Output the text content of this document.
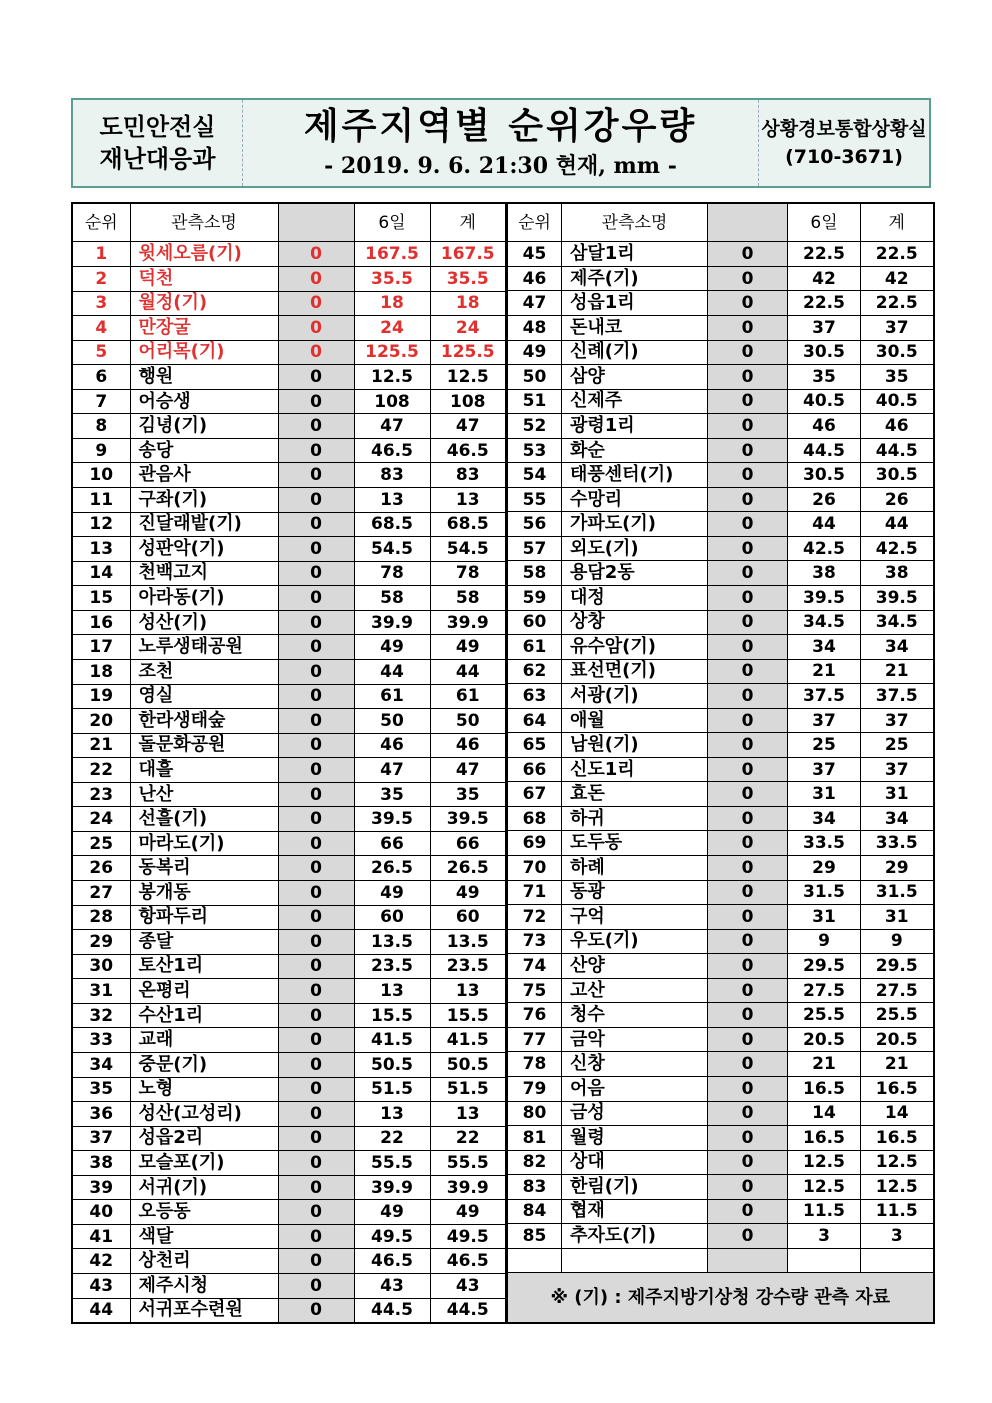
도민안전실
재난대응과
제주지역별 순위강우량
- 2019. 9. 6. 21:30 현재, mm -
상황경보통합상황실
(710-3671)
순위	관측소명		6일	계
1	윗세오름(기)	0	167.5	167.5
2	덕천	0	35.5	35.5
3	월정(기)	0	18	18
4	만장굴	0	24	24
5	어리목(기)	0	125.5	125.5
6	행원	0	12.5	12.5
7	어승생	0	108	108
8	김녕(기)	0	47	47
9	송당	0	46.5	46.5
10	관음사	0	83	83
11	구좌(기)	0	13	13
12	진달래밭(기)	0	68.5	68.5
13	성판악(기)	0	54.5	54.5
14	천백고지	0	78	78
15	아라동(기)	0	58	58
16	성산(기)	0	39.9	39.9
17	노루생태공원	0	49	49
18	조천	0	44	44
19	영실	0	61	61
20	한라생태숲	0	50	50
21	돌문화공원	0	46	46
22	대흘	0	47	47
23	난산	0	35	35
24	선흘(기)	0	39.5	39.5
25	마라도(기)	0	66	66
26	동복리	0	26.5	26.5
27	봉개동	0	49	49
28	항파두리	0	60	60
29	종달	0	13.5	13.5
30	토산1리	0	23.5	23.5
31	온평리	0	13	13
32	수산1리	0	15.5	15.5
33	교래	0	41.5	41.5
34	중문(기)	0	50.5	50.5
35	노형	0	51.5	51.5
36	성산(고성리)	0	13	13
37	성읍2리	0	22	22
38	모슬포(기)	0	55.5	55.5
39	서귀(기)	0	39.9	39.9
40	오등동	0	49	49
41	색달	0	49.5	49.5
42	상천리	0	46.5	46.5
43	제주시청	0	43	43
44	서귀포수련원	0	44.5	44.5
순위	관측소명		6일	계
45	삼달1리	0	22.5	22.5
46	제주(기)	0	42	42
47	성읍1리	0	22.5	22.5
48	돈내코	0	37	37
49	신례(기)	0	30.5	30.5
50	삼양	0	35	35
51	신제주	0	40.5	40.5
52	광령1리	0	46	46
53	화순	0	44.5	44.5
54	태풍센터(기)	0	30.5	30.5
55	수망리	0	26	26
56	가파도(기)	0	44	44
57	외도(기)	0	42.5	42.5
58	용담2동	0	38	38
59	대정	0	39.5	39.5
60	상창	0	34.5	34.5
61	유수암(기)	0	34	34
62	표선면(기)	0	21	21
63	서광(기)	0	37.5	37.5
64	애월	0	37	37
65	남원(기)	0	25	25
66	신도1리	0	37	37
67	효돈	0	31	31
68	하귀	0	34	34
69	도두동	0	33.5	33.5
70	하례	0	29	29
71	동광	0	31.5	31.5
72	구억	0	31	31
73	우도(기)	0	9	9
74	산양	0	29.5	29.5
75	고산	0	27.5	27.5
76	청수	0	25.5	25.5
77	금악	0	20.5	20.5
78	신창	0	21	21
79	어음	0	16.5	16.5
80	금성	0	14	14
81	월령	0	16.5	16.5
82	상대	0	12.5	12.5
83	한림(기)	0	12.5	12.5
84	협재	0	11.5	11.5
85	추자도(기)	0	3	3

※ (기) : 제주지방기상청 강수량 관측 자료				
